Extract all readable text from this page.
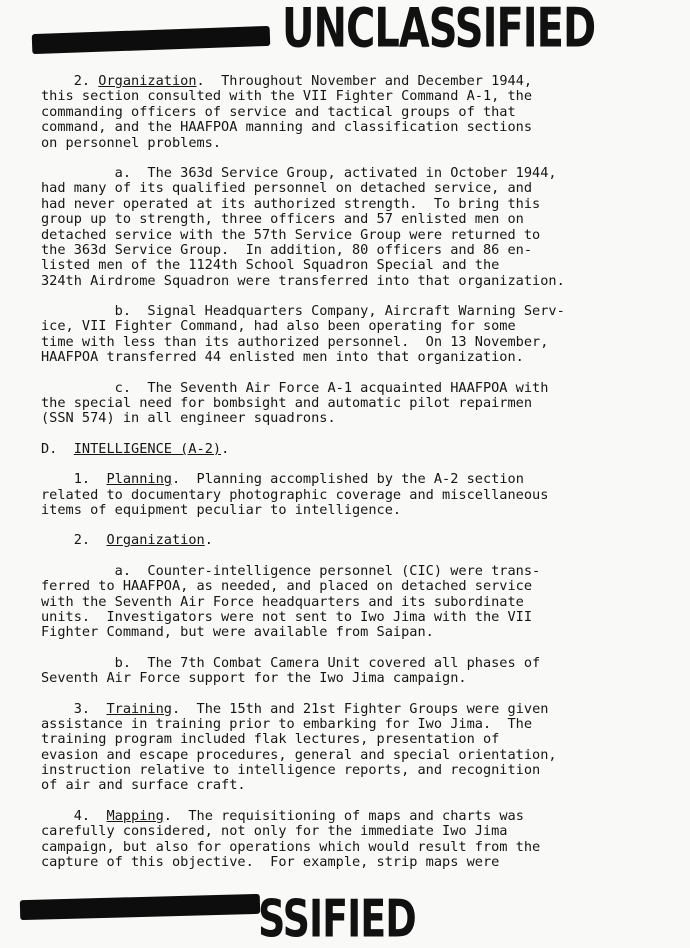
UNCLASSIFIED
2. Organization.  Throughout November and December 1944,
this section consulted with the VII Fighter Command A-1, the
commanding officers of service and tactical groups of that
command, and the HAAFPOA manning and classification sections
on personnel problems.
a.  The 363d Service Group, activated in October 1944,
had many of its qualified personnel on detached service, and
had never operated at its authorized strength.  To bring this
group up to strength, three officers and 57 enlisted men on
detached service with the 57th Service Group were returned to
the 363d Service Group.  In addition, 80 officers and 86 en-
listed men of the 1124th School Squadron Special and the
324th Airdrome Squadron were transferred into that organization.
b.  Signal Headquarters Company, Aircraft Warning Serv-
ice, VII Fighter Command, had also been operating for some
time with less than its authorized personnel.  On 13 November,
HAAFPOA transferred 44 enlisted men into that organization.
c.  The Seventh Air Force A-1 acquainted HAAFPOA with
the special need for bombsight and automatic pilot repairmen
(SSN 574) in all engineer squadrons.
D.  INTELLIGENCE (A-2).
1.  Planning.  Planning accomplished by the A-2 section
related to documentary photographic coverage and miscellaneous
items of equipment peculiar to intelligence.
2.  Organization.
a.  Counter-intelligence personnel (CIC) were trans-
ferred to HAAFPOA, as needed, and placed on detached service
with the Seventh Air Force headquarters and its subordinate
units.  Investigators were not sent to Iwo Jima with the VII
Fighter Command, but were available from Saipan.
b.  The 7th Combat Camera Unit covered all phases of
Seventh Air Force support for the Iwo Jima campaign.
3.  Training.  The 15th and 21st Fighter Groups were given
assistance in training prior to embarking for Iwo Jima.  The
training program included flak lectures, presentation of
evasion and escape procedures, general and special orientation,
instruction relative to intelligence reports, and recognition
of air and surface craft.
4.  Mapping.  The requisitioning of maps and charts was
carefully considered, not only for the immediate Iwo Jima
campaign, but also for operations which would result from the
capture of this objective.  For example, strip maps were
SSIFIED
